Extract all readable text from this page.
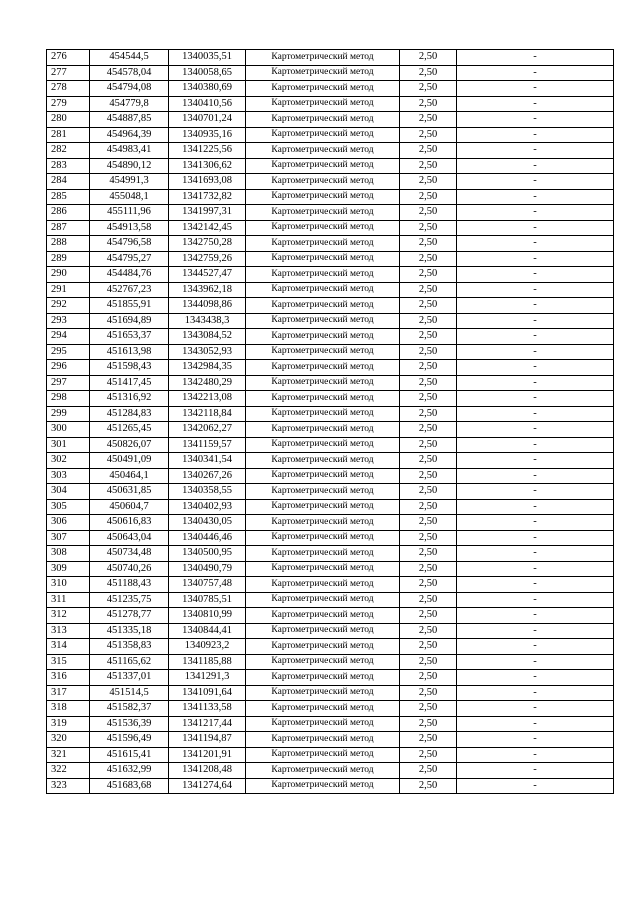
276	454544,5	1340035,51	Картометрический метод	2,50	-
277	454578,04	1340058,65	Картометрический метод	2,50	-
278	454794,08	1340380,69	Картометрический метод	2,50	-
279	454779,8	1340410,56	Картометрический метод	2,50	-
280	454887,85	1340701,24	Картометрический метод	2,50	-
281	454964,39	1340935,16	Картометрический метод	2,50	-
282	454983,41	1341225,56	Картометрический метод	2,50	-
283	454890,12	1341306,62	Картометрический метод	2,50	-
284	454991,3	1341693,08	Картометрический метод	2,50	-
285	455048,1	1341732,82	Картометрический метод	2,50	-
286	455111,96	1341997,31	Картометрический метод	2,50	-
287	454913,58	1342142,45	Картометрический метод	2,50	-
288	454796,58	1342750,28	Картометрический метод	2,50	-
289	454795,27	1342759,26	Картометрический метод	2,50	-
290	454484,76	1344527,47	Картометрический метод	2,50	-
291	452767,23	1343962,18	Картометрический метод	2,50	-
292	451855,91	1344098,86	Картометрический метод	2,50	-
293	451694,89	1343438,3	Картометрический метод	2,50	-
294	451653,37	1343084,52	Картометрический метод	2,50	-
295	451613,98	1343052,93	Картометрический метод	2,50	-
296	451598,43	1342984,35	Картометрический метод	2,50	-
297	451417,45	1342480,29	Картометрический метод	2,50	-
298	451316,92	1342213,08	Картометрический метод	2,50	-
299	451284,83	1342118,84	Картометрический метод	2,50	-
300	451265,45	1342062,27	Картометрический метод	2,50	-
301	450826,07	1341159,57	Картометрический метод	2,50	-
302	450491,09	1340341,54	Картометрический метод	2,50	-
303	450464,1	1340267,26	Картометрический метод	2,50	-
304	450631,85	1340358,55	Картометрический метод	2,50	-
305	450604,7	1340402,93	Картометрический метод	2,50	-
306	450616,83	1340430,05	Картометрический метод	2,50	-
307	450643,04	1340446,46	Картометрический метод	2,50	-
308	450734,48	1340500,95	Картометрический метод	2,50	-
309	450740,26	1340490,79	Картометрический метод	2,50	-
310	451188,43	1340757,48	Картометрический метод	2,50	-
311	451235,75	1340785,51	Картометрический метод	2,50	-
312	451278,77	1340810,99	Картометрический метод	2,50	-
313	451335,18	1340844,41	Картометрический метод	2,50	-
314	451358,83	1340923,2	Картометрический метод	2,50	-
315	451165,62	1341185,88	Картометрический метод	2,50	-
316	451337,01	1341291,3	Картометрический метод	2,50	-
317	451514,5	1341091,64	Картометрический метод	2,50	-
318	451582,37	1341133,58	Картометрический метод	2,50	-
319	451536,39	1341217,44	Картометрический метод	2,50	-
320	451596,49	1341194,87	Картометрический метод	2,50	-
321	451615,41	1341201,91	Картометрический метод	2,50	-
322	451632,99	1341208,48	Картометрический метод	2,50	-
323	451683,68	1341274,64	Картометрический метод	2,50	-
